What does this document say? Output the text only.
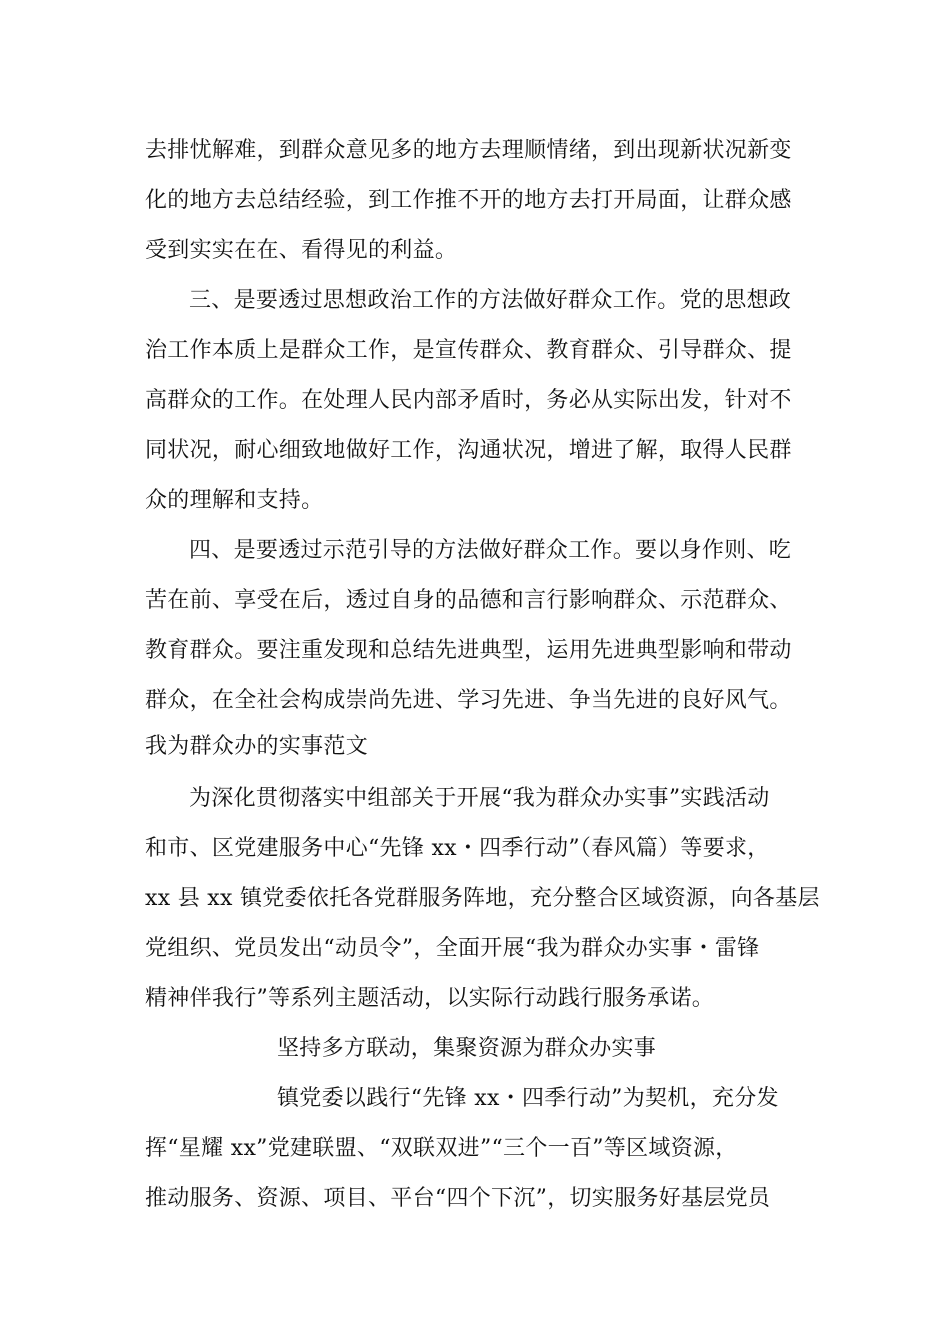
去排忧解难，到群众意见多的地方去理顺情绪，到出现新状况新变
化的地方去总结经验，到工作推不开的地方去打开局面，让群众感
受到实实在在、看得见的利益。
三、是要透过思想政治工作的方法做好群众工作。党的思想政
治工作本质上是群众工作，是宣传群众、教育群众、引导群众、提
高群众的工作。在处理人民内部矛盾时，务必从实际出发，针对不
同状况，耐心细致地做好工作，沟通状况，增进了解，取得人民群
众的理解和支持。
四、是要透过示范引导的方法做好群众工作。要以身作则、吃
苦在前、享受在后，透过自身的品德和言行影响群众、示范群众、
教育群众。要注重发现和总结先进典型，运用先进典型影响和带动
群众，在全社会构成崇尚先进、学习先进、争当先进的良好风气。
我为群众办的实事范文
为深化贯彻落实中组部关于开展“我为群众办实事”实践活动
和市、区党建服务中心“先锋 xx・四季行动”（春风篇）等要求，
xx 县 xx 镇党委依托各党群服务阵地，充分整合区域资源，向各基层
党组织、党员发出“动员令”，全面开展“我为群众办实事・雷锋
精神伴我行”等系列主题活动，以实际行动践行服务承诺。
坚持多方联动，集聚资源为群众办实事
镇党委以践行“先锋 xx・四季行动”为契机，充分发
挥“星耀 xx”党建联盟、“双联双进”“三个一百”等区域资源，
推动服务、资源、项目、平台“四个下沉”，切实服务好基层党员
